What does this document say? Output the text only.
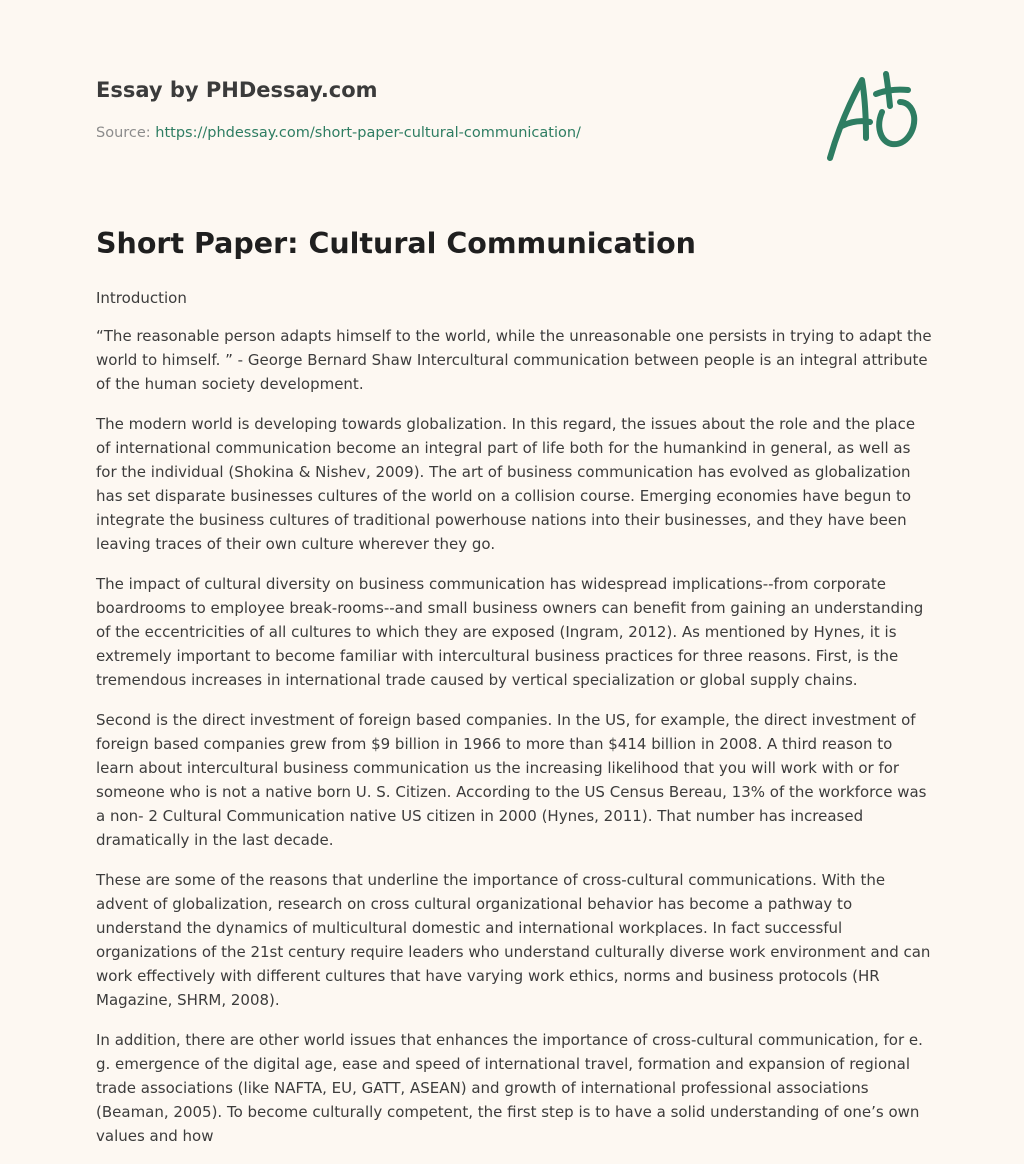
Essay by PHDessay.com
Source: https://phdessay.com/short-paper-cultural-communication/
Short Paper: Cultural Communication

Introduction

“The reasonable person adapts himself to the world, while the unreasonable one persists in trying to adapt the world to himself. ” - George Bernard Shaw Intercultural communication between people is an integral attribute of the human society development.

The modern world is developing towards globalization. In this regard, the issues about the role and the place of international communication become an integral part of life both for the humankind in general, as well as for the individual (Shokina & Nishev, 2009). The art of business communication has evolved as globalization has set disparate businesses cultures of the world on a collision course. Emerging economies have begun to integrate the business cultures of traditional powerhouse nations into their businesses, and they have been leaving traces of their own culture wherever they go.

The impact of cultural diversity on business communication has widespread implications--from corporate boardrooms to employee break-rooms--and small business owners can benefit from gaining an understanding of the eccentricities of all cultures to which they are exposed (Ingram, 2012). As mentioned by Hynes, it is extremely important to become familiar with intercultural business practices for three reasons. First, is the tremendous increases in international trade caused by vertical specialization or global supply chains.

Second is the direct investment of foreign based companies. In the US, for example, the direct investment of foreign based companies grew from $9 billion in 1966 to more than $414 billion in 2008. A third reason to learn about intercultural business communication us the increasing likelihood that you will work with or for someone who is not a native born U. S. Citizen. According to the US Census Bereau, 13% of the workforce was a non- 2 Cultural Communication native US citizen in 2000 (Hynes, 2011). That number has increased dramatically in the last decade.

These are some of the reasons that underline the importance of cross-cultural communications. With the advent of globalization, research on cross cultural organizational behavior has become a pathway to understand the dynamics of multicultural domestic and international workplaces. In fact successful organizations of the 21st century require leaders who understand culturally diverse work environment and can work effectively with different cultures that have varying work ethics, norms and business protocols (HR Magazine, SHRM, 2008).

In addition, there are other world issues that enhances the importance of cross-cultural communication, for e. g. emergence of the digital age, ease and speed of international travel, formation and expansion of regional trade associations (like NAFTA, EU, GATT, ASEAN) and growth of international professional associations (Beaman, 2005). To become culturally competent, the first step is to have a solid understanding of one’s own values and how
